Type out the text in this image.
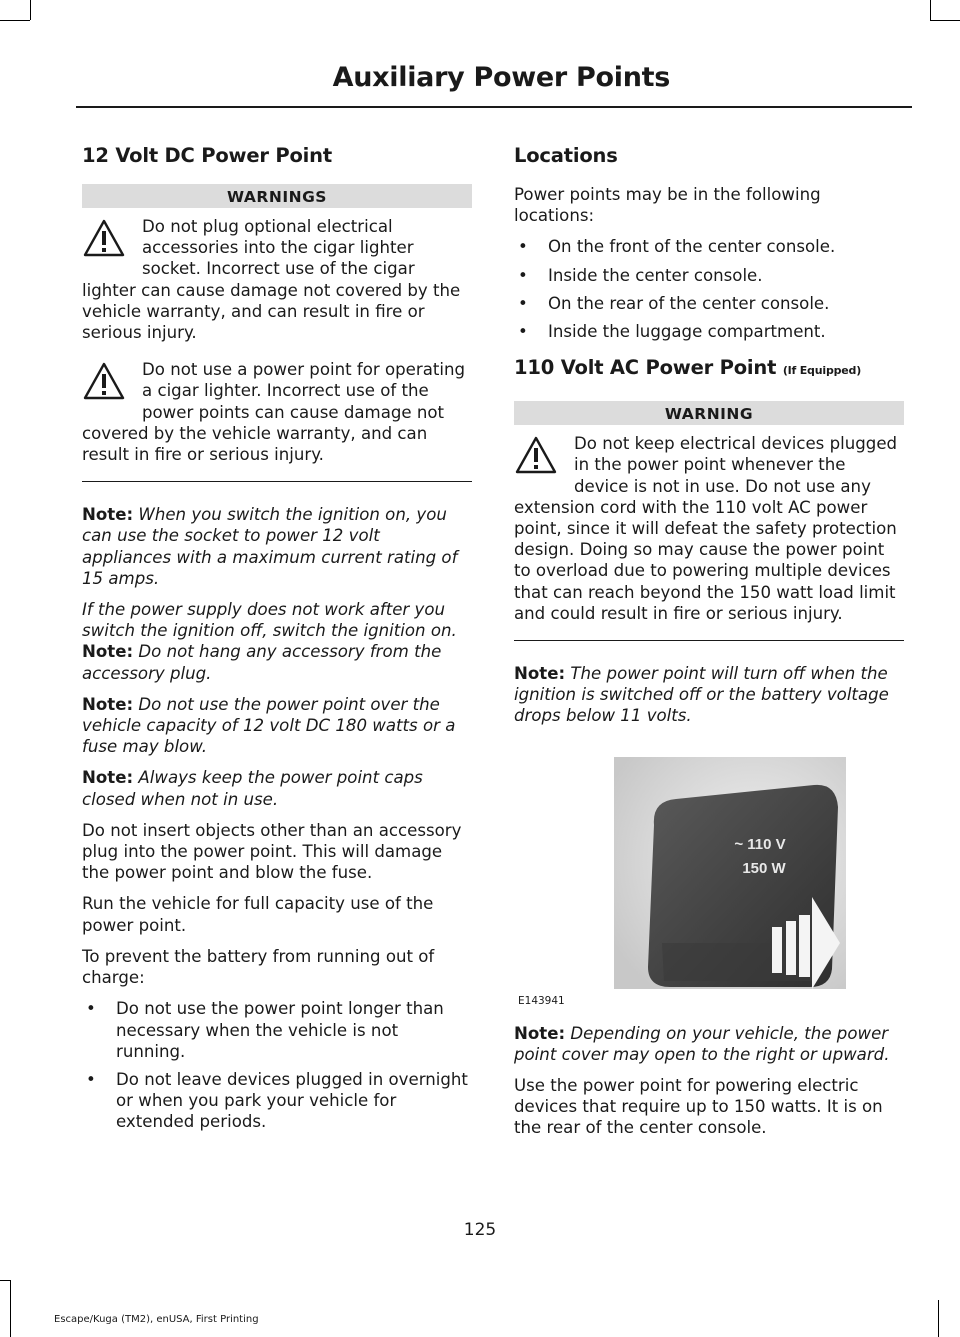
Auxiliary Power Points
12 Volt DC Power Point
WARNINGS
Do not plug optional electrical accessories into the cigar lighter socket. Incorrect use of the cigar lighter can cause damage not covered by the vehicle warranty, and can result in fire or serious injury.
Do not use a power point for operating a cigar lighter. Incorrect use of the power points can cause damage not covered by the vehicle warranty, and can result in fire or serious injury.

Note: When you switch the ignition on, you can use the socket to power 12 volt appliances with a maximum current rating of 15 amps.

If the power supply does not work after you switch the ignition off, switch the ignition on.

Note: Do not hang any accessory from the accessory plug.

Note: Do not use the power point over the vehicle capacity of 12 volt DC 180 watts or a fuse may blow.

Note: Always keep the power point caps closed when not in use.

Do not insert objects other than an accessory plug into the power point. This will damage the power point and blow the fuse.

Run the vehicle for full capacity use of the power point.

To prevent the battery from running out of charge:

• Do not use the power point longer than necessary when the vehicle is not running.
• Do not leave devices plugged in overnight or when you park your vehicle for extended periods.
Locations

Power points may be in the following locations:

• On the front of the center console.
• Inside the center console.
• On the rear of the center console.
• Inside the luggage compartment.
110 Volt AC Power Point (If Equipped)
WARNING
Do not keep electrical devices plugged in the power point whenever the device is not in use. Do not use any extension cord with the 110 volt AC power point, since it will defeat the safety protection design. Doing so may cause the power point to overload due to powering multiple devices that can reach beyond the 150 watt load limit and could result in fire or serious injury.

Note: The power point will turn off when the ignition is switched off or the battery voltage drops below 11 volts.

~ 110 V
150 W
E143941

Note: Depending on your vehicle, the power point cover may open to the right or upward.

Use the power point for powering electric devices that require up to 150 watts. It is on the rear of the center console.

125
Escape/Kuga (TM2), enUSA, First Printing
